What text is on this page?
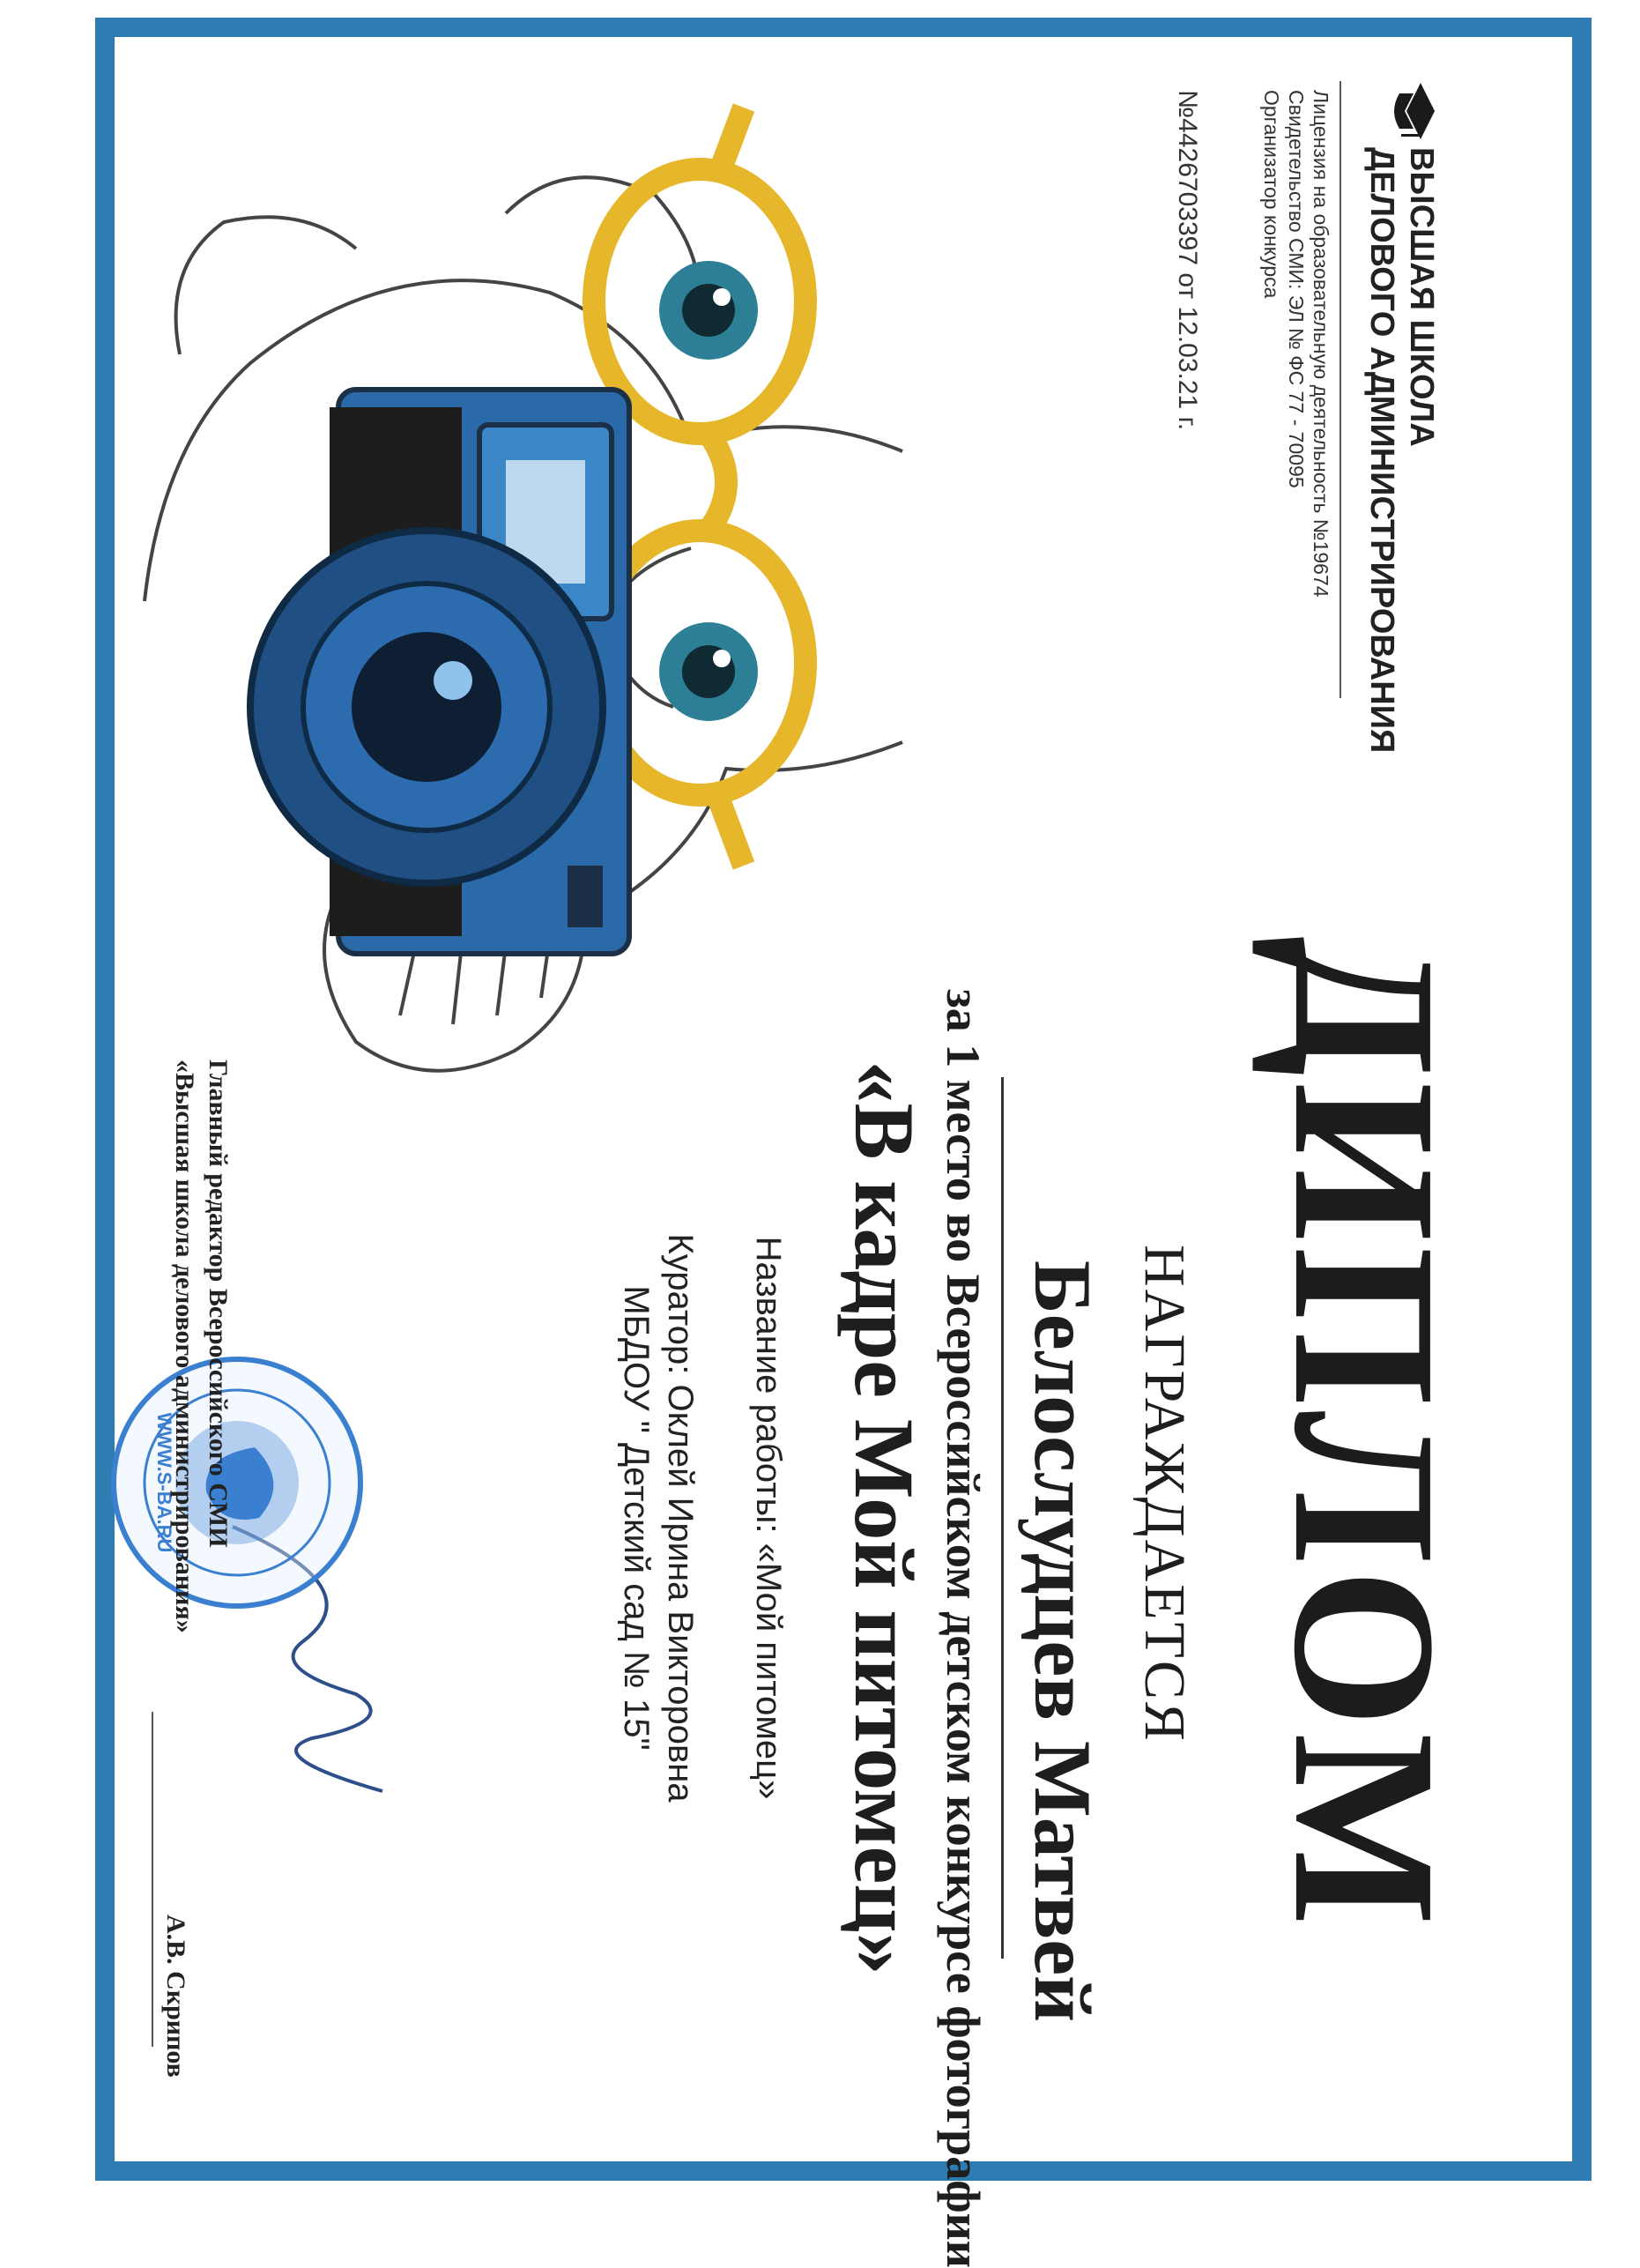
ВЫСШАЯ ШКОЛА
ДЕЛОВОГО АДМИНИСТРИРОВАНИЯ
Лицензия на образовательную деятельность №19674
Свидетельство СМИ: ЭЛ № ФС 77 - 70095
Организатор конкурса
№4426703397 от 12.03.21 г.
ДИПЛОМ
НАГРАЖДАЕТСЯ
Белослудцев Матвей
за 1 место во Всероссийском детском конкурсе фотографии
«В кадре Мой питомец»
Название работы: «Мой питомец»
Куратор: Оклей Ирина Викторовна
МБДОУ " Детский сад № 15"
WWW.S-BA.RU Главный редактор Всероссийского СМИ
«Высшая школа делового администрирования»
А.В. Скрипов
